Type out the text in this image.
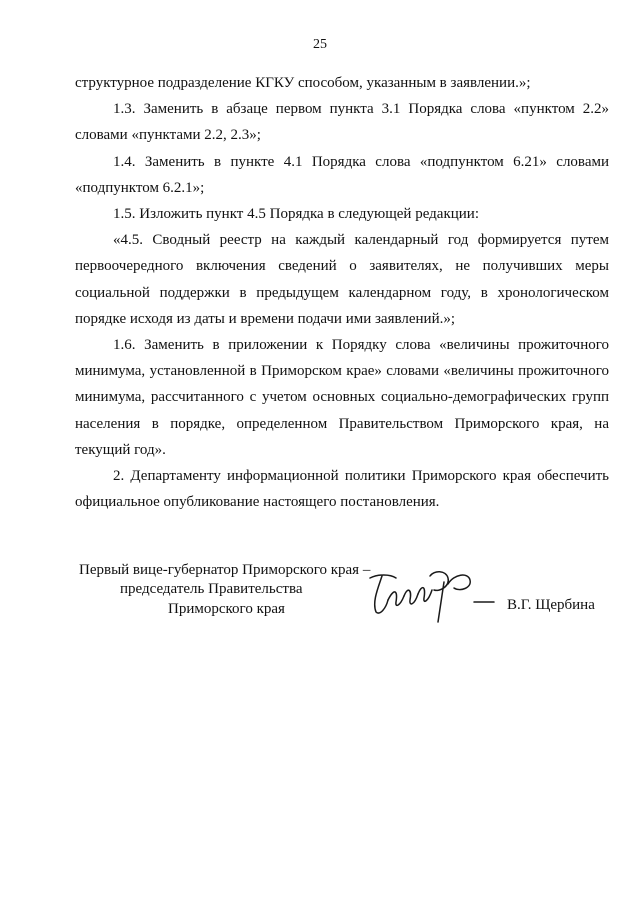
25

структурное подразделение КГКУ способом, указанным в заявлении.»;

1.3. Заменить в абзаце первом пункта 3.1 Порядка слова «пунктом 2.2» словами «пунктами 2.2, 2.3»;

1.4. Заменить в пункте 4.1 Порядка слова «подпунктом 6.21» словами «подпунктом 6.2.1»;

1.5. Изложить пункт 4.5 Порядка в следующей редакции:

«4.5. Сводный реестр на каждый календарный год формируется путем первоочередного включения сведений о заявителях, не получивших меры социальной поддержки в предыдущем календарном году, в хронологическом порядке исходя из даты и времени подачи ими заявлений.»;

1.6. Заменить в приложении к Порядку слова «величины прожиточного минимума, установленной в Приморском крае» словами «величины прожиточного минимума, рассчитанного с учетом основных социально-демографических групп населения в порядке, определенном Правительством Приморского края, на текущий год».

2. Департаменту информационной политики Приморского края обеспечить официальное опубликование настоящего постановления.

Первый вице-губернатор Приморского края –
председатель Правительства
Приморского края	В.Г. Щербина
